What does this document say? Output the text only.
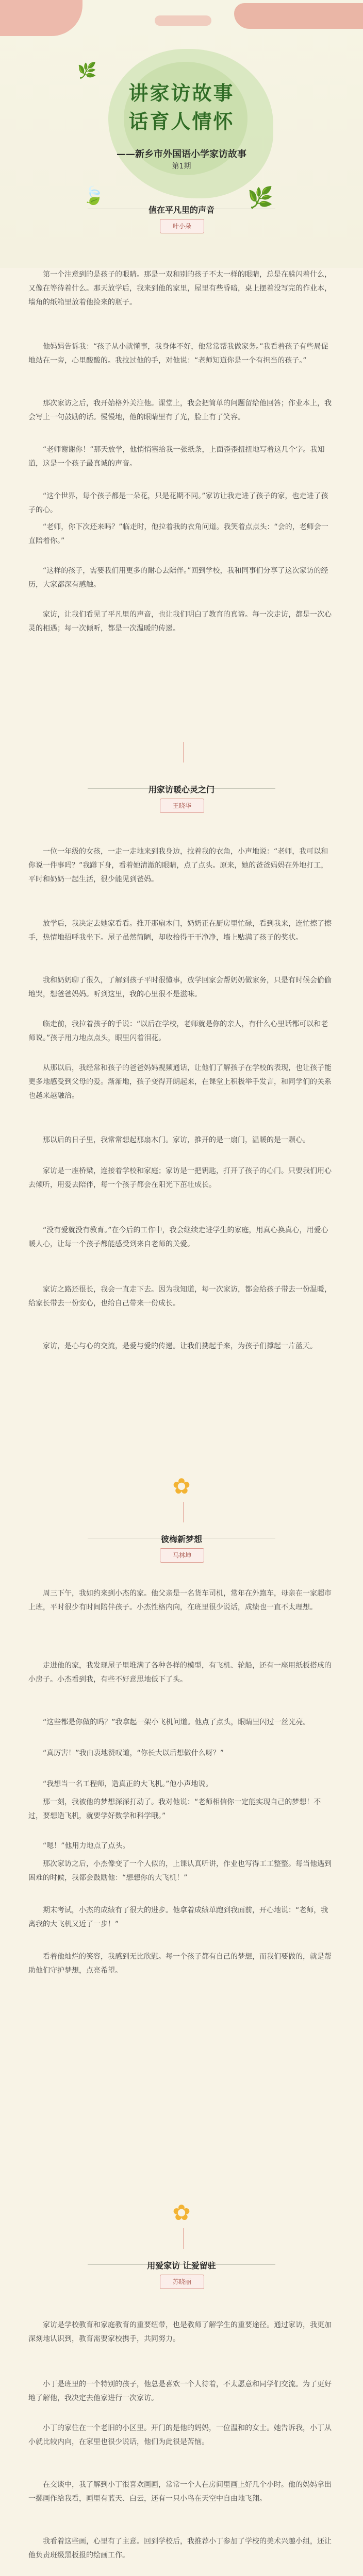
讲家访故事
话育人情怀
——新乡市外国语小学家访故事
第1期
🌿
🌿
🍃
值在平凡里的声音
叶小朵

第一个注意到的是孩子的眼睛。那是一双和别的孩子不太一样的眼睛，总是在躲闪着什么，又像在等待着什么。那天放学后，我来到他的家里，屋里有些昏暗，桌上摆着没写完的作业本，墙角的纸箱里放着他捡来的瓶子。

他妈妈告诉我：“孩子从小就懂事，我身体不好，他常常帮我做家务。”我看着孩子有些局促地站在一旁，心里酸酸的。我拉过他的手，对他说：“老师知道你是一个有担当的孩子。”

那次家访之后，我开始格外关注他。课堂上，我会把简单的问题留给他回答；作业本上，我会写上一句鼓励的话。慢慢地，他的眼睛里有了光，脸上有了笑容。

“老师谢谢你！”那天放学，他悄悄塞给我一张纸条，上面歪歪扭扭地写着这几个字。我知道，这是一个孩子最真诚的声音。

“这个世界，每个孩子都是一朵花，只是花期不同。”家访让我走进了孩子的家，也走进了孩子的心。

“老师，你下次还来吗？”临走时，他拉着我的衣角问道。我笑着点点头：“会的，老师会一直陪着你。”

“这样的孩子，需要我们用更多的耐心去陪伴。”回到学校，我和同事们分享了这次家访的经历，大家都深有感触。

家访，让我们看见了平凡里的声音，也让我们明白了教育的真谛。每一次走访，都是一次心灵的相遇；每一次倾听，都是一次温暖的传递。

用家访暖心灵之门
王晓华

一位一年级的女孩，一走一走地来到我身边，拉着我的衣角，小声地说：“老师，我可以和你说一件事吗？”我蹲下身，看着她清澈的眼睛，点了点头。原来，她的爸爸妈妈在外地打工，平时和奶奶一起生活，很少能见到爸妈。

放学后，我决定去她家看看。推开那扇木门，奶奶正在厨房里忙碌，看到我来，连忙擦了擦手，热情地招呼我坐下。屋子虽然简陋，却收拾得干干净净，墙上贴满了孩子的奖状。

我和奶奶聊了很久，了解到孩子平时很懂事，放学回家会帮奶奶做家务，只是有时候会偷偷地哭，想爸爸妈妈。听到这里，我的心里很不是滋味。

临走前，我拉着孩子的手说：“以后在学校，老师就是你的亲人，有什么心里话都可以和老师说。”孩子用力地点点头，眼里闪着泪花。

从那以后，我经常和孩子的爸爸妈妈视频通话，让他们了解孩子在学校的表现，也让孩子能更多地感受到父母的爱。渐渐地，孩子变得开朗起来，在课堂上积极举手发言，和同学们的关系也越来越融洽。

那以后的日子里，我常常想起那扇木门。家访，推开的是一扇门，温暖的是一颗心。

家访是一座桥梁，连接着学校和家庭；家访是一把钥匙，打开了孩子的心门。只要我们用心去倾听，用爱去陪伴，每一个孩子都会在阳光下茁壮成长。

“没有爱就没有教育。”在今后的工作中，我会继续走进学生的家庭，用真心换真心，用爱心暖人心，让每一个孩子都能感受到来自老师的关爱。

家访之路还很长，我会一直走下去。因为我知道，每一次家访，都会给孩子带去一份温暖，给家长带去一份安心，也给自己带来一份成长。

家访，是心与心的交流，是爱与爱的传递。让我们携起手来，为孩子们撑起一片蓝天。

✿
彼梅新梦想
马林坤

周三下午，我如约来到小杰的家。他父亲是一名货车司机，常年在外跑车，母亲在一家超市上班，平时很少有时间陪伴孩子。小杰性格内向，在班里很少说话，成绩也一直不太理想。

走进他的家，我发现屋子里堆满了各种各样的模型，有飞机、轮船，还有一座用纸板搭成的小房子。小杰看到我，有些不好意思地低下了头。

“这些都是你做的吗？”我拿起一架小飞机问道。他点了点头，眼睛里闪过一丝光亮。

“真厉害！”我由衷地赞叹道，“你长大以后想做什么呀？”

“我想当一名工程师，造真正的大飞机。”他小声地说。

那一刻，我被他的梦想深深打动了。我对他说：“老师相信你一定能实现自己的梦想！不过，要想造飞机，就要学好数学和科学哦。”

“嗯！”他用力地点了点头。

那次家访之后，小杰像变了一个人似的，上课认真听讲，作业也写得工工整整。每当他遇到困难的时候，我都会鼓励他：“想想你的大飞机！”

期末考试，小杰的成绩有了很大的进步。他拿着成绩单跑到我面前，开心地说：“老师，我离我的大飞机又近了一步！”

看着他灿烂的笑容，我感到无比欣慰。每一个孩子都有自己的梦想，而我们要做的，就是帮助他们守护梦想，点亮希望。

✿
用爱家访 让爱留驻
苏晓丽

家访是学校教育和家庭教育的重要纽带，也是教师了解学生的重要途径。通过家访，我更加深刻地认识到，教育需要家校携手，共同努力。

小丁是班里的一个特别的孩子，他总是喜欢一个人待着，不太愿意和同学们交流。为了更好地了解他，我决定去他家进行一次家访。

小丁的家住在一个老旧的小区里。开门的是他的妈妈，一位温和的女士。她告诉我，小丁从小就比较内向，在家里也很少说话，他们为此很是苦恼。

在交谈中，我了解到小丁很喜欢画画，常常一个人在房间里画上好几个小时。他的妈妈拿出一摞画作给我看，画里有蓝天、白云，还有一只小鸟在天空中自由地飞翔。

我看着这些画，心里有了主意。回到学校后，我推荐小丁参加了学校的美术兴趣小组，还让他负责班级黑板报的绘画工作。
